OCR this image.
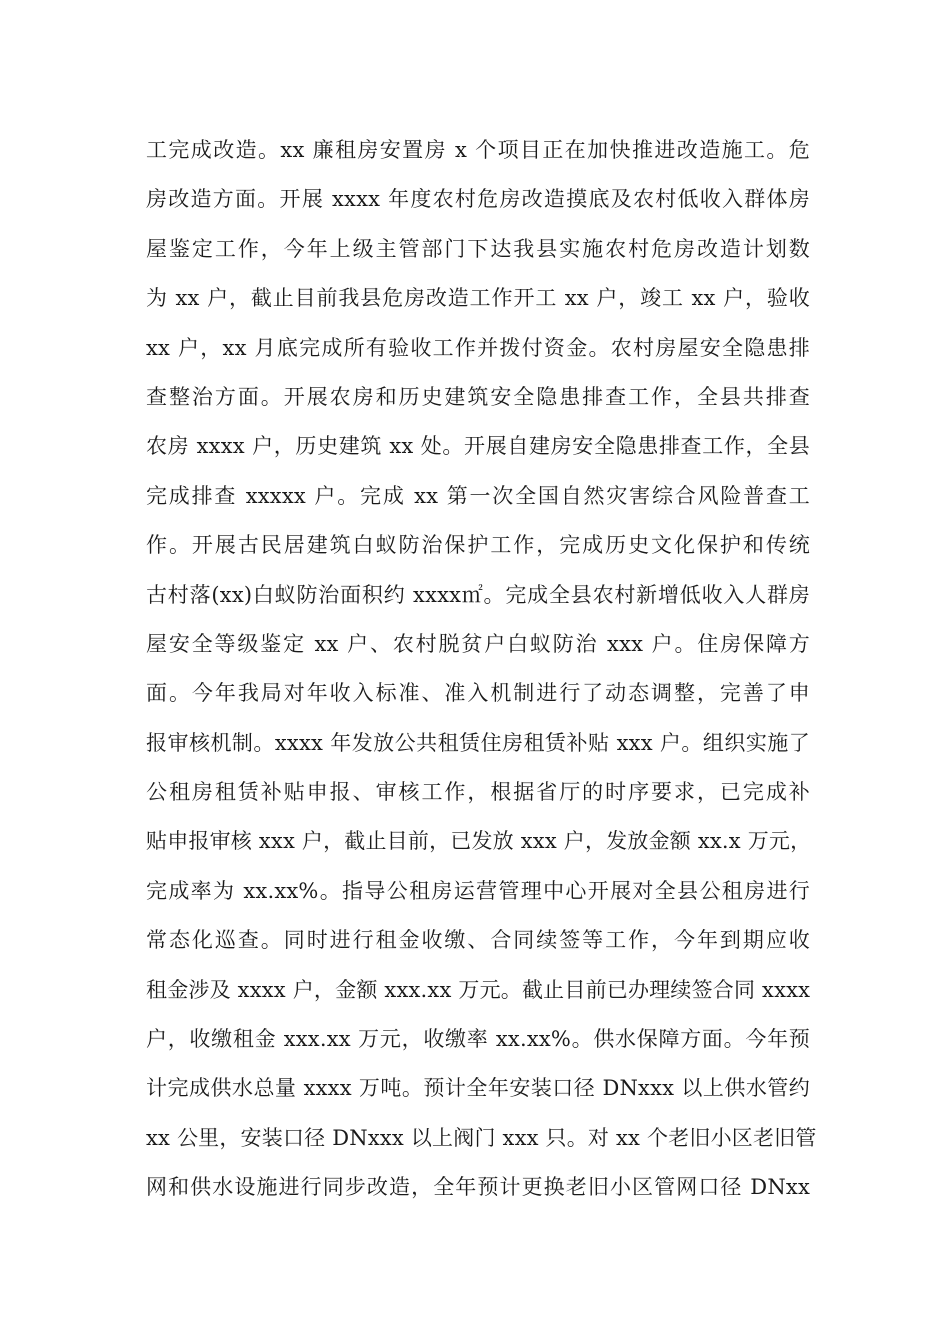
工完成改造。xx 廉租房安置房 x 个项目正在加快推进改造施工。危
房改造方面。开展 xxxx 年度农村危房改造摸底及农村低收入群体房
屋鉴定工作，今年上级主管部门下达我县实施农村危房改造计划数
为 xx 户，截止目前我县危房改造工作开工 xx 户，竣工 xx 户，验收
xx 户，xx 月底完成所有验收工作并拨付资金。农村房屋安全隐患排
查整治方面。开展农房和历史建筑安全隐患排查工作，全县共排查
农房 xxxx 户，历史建筑 xx 处。开展自建房安全隐患排查工作，全县
完成排查 xxxxx 户。完成 xx 第一次全国自然灾害综合风险普查工
作。开展古民居建筑白蚁防治保护工作，完成历史文化保护和传统
古村落(xx)白蚁防治面积约 xxxx㎡。完成全县农村新增低收入人群房
屋安全等级鉴定 xx 户、农村脱贫户白蚁防治 xxx 户。住房保障方
面。今年我局对年收入标准、准入机制进行了动态调整，完善了申
报审核机制。xxxx 年发放公共租赁住房租赁补贴 xxx 户。组织实施了
公租房租赁补贴申报、审核工作，根据省厅的时序要求，已完成补
贴申报审核 xxx 户，截止目前，已发放 xxx 户，发放金额 xx.x 万元，
完成率为 xx.xx%。指导公租房运营管理中心开展对全县公租房进行
常态化巡查。同时进行租金收缴、合同续签等工作，今年到期应收
租金涉及 xxxx 户，金额 xxx.xx 万元。截止目前已办理续签合同 xxxx
户，收缴租金 xxx.xx 万元，收缴率 xx.xx%。供水保障方面。今年预
计完成供水总量 xxxx 万吨。预计全年安装口径 DNxxx 以上供水管约
xx 公里，安装口径 DNxxx 以上阀门 xxx 只。对 xx 个老旧小区老旧管
网和供水设施进行同步改造，全年预计更换老旧小区管网口径 DNxx
